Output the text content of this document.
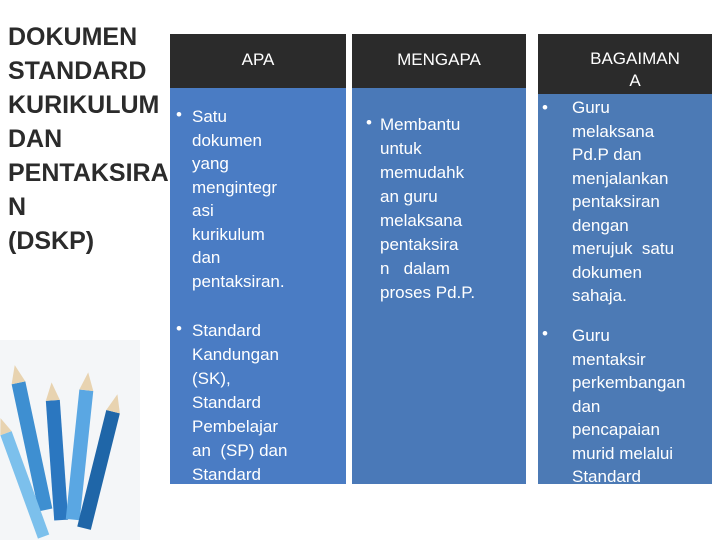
DOKUMEN
STANDARD
KURIKULUM
DAN
PENTAKSIRA
N
(DSKP)
APA
• Satu
dokumen
yang
mengintegr
asi
kurikulum
dan
pentaksiran.
• Standard
Kandungan
(SK),
Standard
Pembelajar
an  (SP) dan
Standard
MENGAPA
• Membantu
untuk
memudahk
an guru
melaksana
pentaksira
n   dalam
proses Pd.P.
BAGAIMAN
A
• Guru
melaksana
Pd.P dan
menjalankan
pentaksiran
dengan
merujuk  satu
dokumen
sahaja.
• Guru
mentaksir
perkembangan
dan
pencapaian
murid melalui
Standard
